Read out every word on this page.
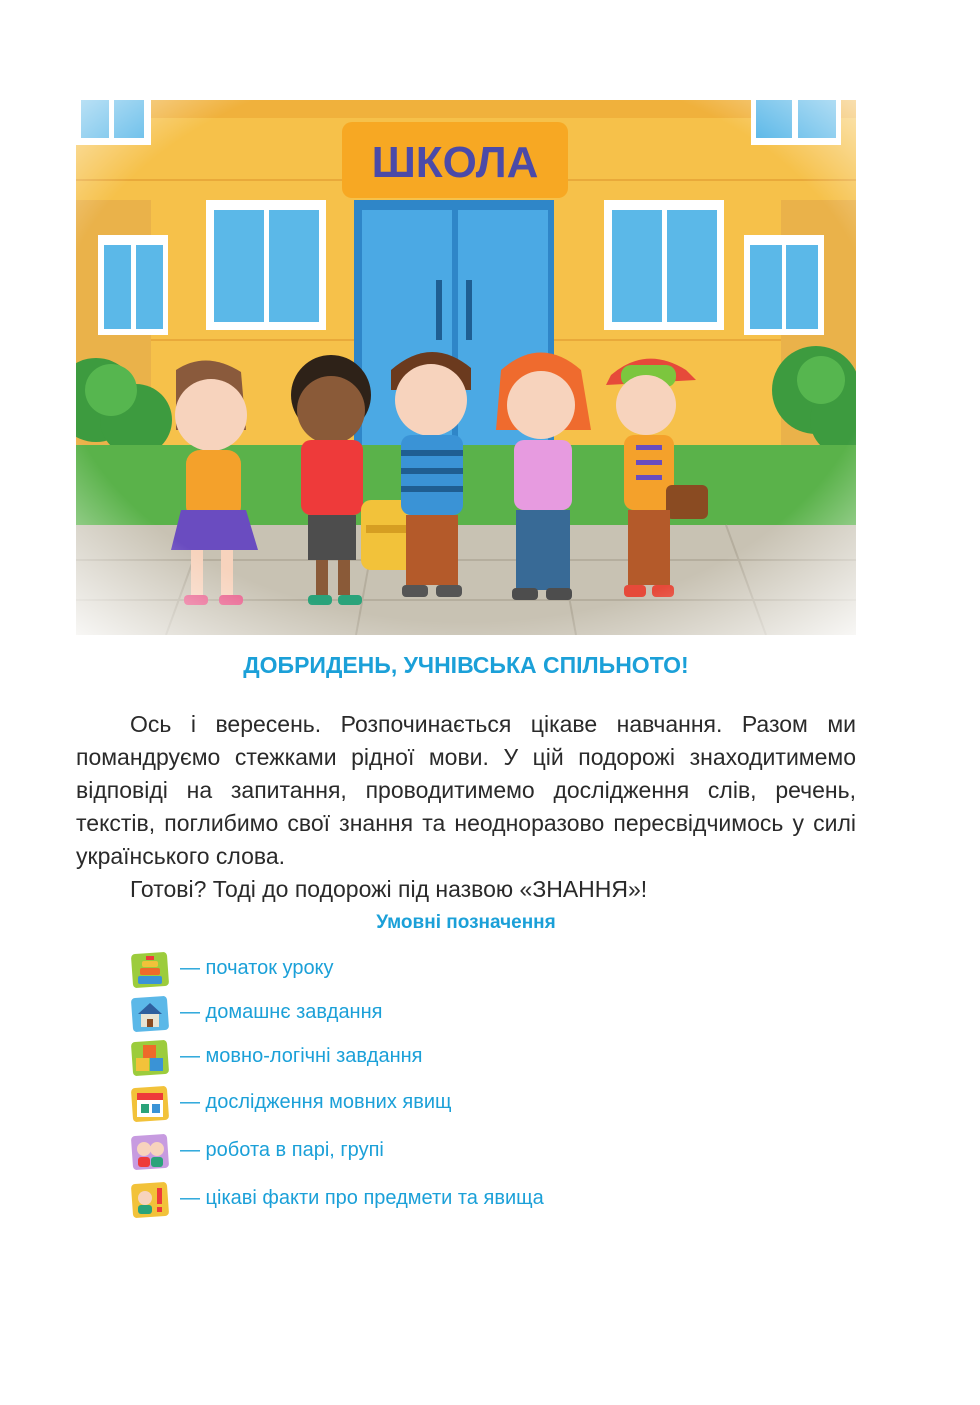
ДОБРИДЕНЬ, УЧНІВСЬКА СПІЛЬНОТО!

Ось і вересень. Розпочинається цікаве навчання. Разом ми помандруємо стежками рідної мови. У цій подорожі знаходитимемо відповіді на запитання, проводитимемо дослідження слів, речень, текстів, поглибимо свої знання та неодноразово пересвідчимось у силі українського слова.

Готові? Тоді до подорожі під назвою «ЗНАННЯ»!

Умовні позначення
— початок уроку
— домашнє завдання
— мовно-логічні завдання
— дослідження мовних явищ
— робота в парі, групі
— цікаві факти про предмети та явища
